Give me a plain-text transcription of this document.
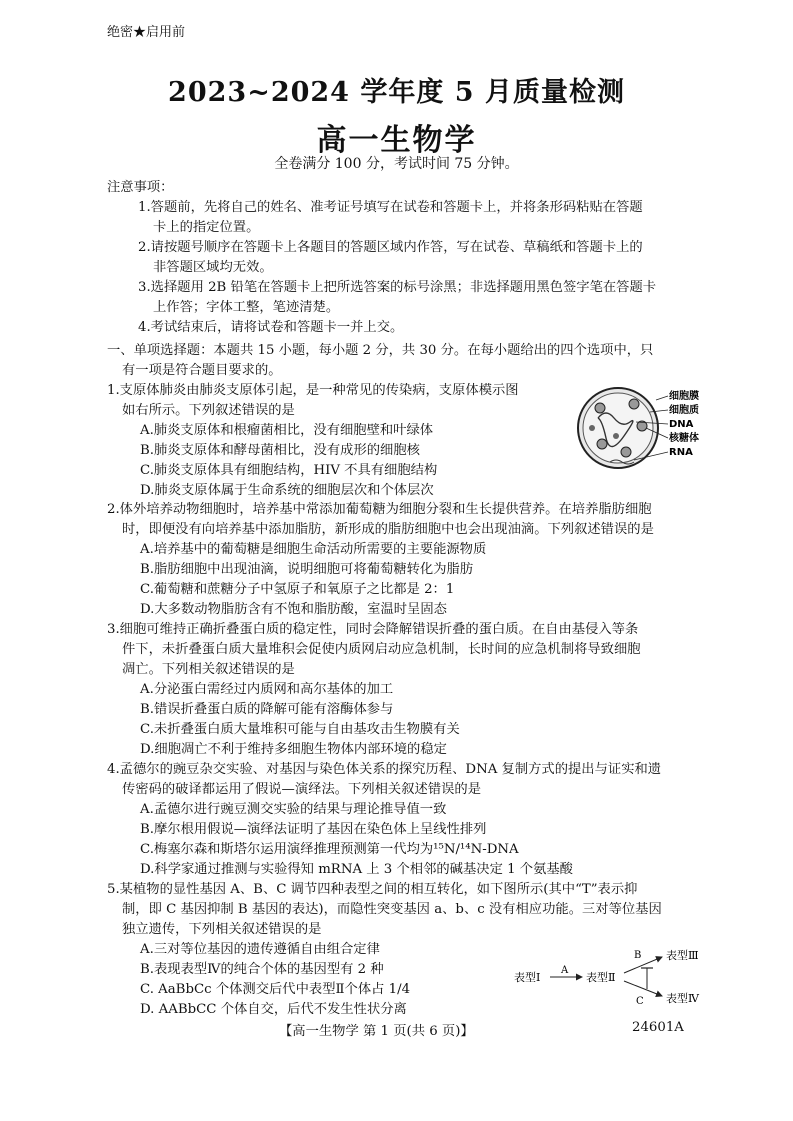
绝密★启用前
2023~2024 学年度 5 月质量检测
高一生物学
全卷满分 100 分，考试时间 75 分钟。
注意事项：
1.答题前，先将自己的姓名、准考证号填写在试卷和答题卡上，并将条形码粘贴在答题
卡上的指定位置。
2.请按题号顺序在答题卡上各题目的答题区域内作答，写在试卷、草稿纸和答题卡上的
非答题区域均无效。
3.选择题用 2B 铅笔在答题卡上把所选答案的标号涂黑；非选择题用黑色签字笔在答题卡
上作答；字体工整，笔迹清楚。
4.考试结束后，请将试卷和答题卡一并上交。
一、单项选择题：本题共 15 小题，每小题 2 分，共 30 分。在每小题给出的四个选项中，只
有一项是符合题目要求的。
1.支原体肺炎由肺炎支原体引起，是一种常见的传染病，支原体模示图
如右所示。下列叙述错误的是
A.肺炎支原体和根瘤菌相比，没有细胞壁和叶绿体
B.肺炎支原体和酵母菌相比，没有成形的细胞核
C.肺炎支原体具有细胞结构，HIV 不具有细胞结构
D.肺炎支原体属于生命系统的细胞层次和个体层次
细胞膜
细胞质
DNA
核糖体
RNA
2.体外培养动物细胞时，培养基中常添加葡萄糖为细胞分裂和生长提供营养。在培养脂肪细胞
时，即便没有向培养基中添加脂肪，新形成的脂肪细胞中也会出现油滴。下列叙述错误的是
A.培养基中的葡萄糖是细胞生命活动所需要的主要能源物质
B.脂肪细胞中出现油滴，说明细胞可将葡萄糖转化为脂肪
C.葡萄糖和蔗糖分子中氢原子和氧原子之比都是 2：1
D.大多数动物脂肪含有不饱和脂肪酸，室温时呈固态
3.细胞可维持正确折叠蛋白质的稳定性，同时会降解错误折叠的蛋白质。在自由基侵入等条
件下，未折叠蛋白质大量堆积会促使内质网启动应急机制，长时间的应急机制将导致细胞
凋亡。下列相关叙述错误的是
A.分泌蛋白需经过内质网和高尔基体的加工
B.错误折叠蛋白质的降解可能有溶酶体参与
C.未折叠蛋白质大量堆积可能与自由基攻击生物膜有关
D.细胞凋亡不利于维持多细胞生物体内部环境的稳定
4.孟德尔的豌豆杂交实验、对基因与染色体关系的探究历程、DNA 复制方式的提出与证实和遗
传密码的破译都运用了假说—演绎法。下列相关叙述错误的是
A.孟德尔进行豌豆测交实验的结果与理论推导值一致
B.摩尔根用假说—演绎法证明了基因在染色体上呈线性排列
C.梅塞尔森和斯塔尔运用演绎推理预测第一代均为¹⁵N/¹⁴N-DNA
D.科学家通过推测与实验得知 mRNA 上 3 个相邻的碱基决定 1 个氨基酸
5.某植物的显性基因 A、B、C 调节四种表型之间的相互转化，如下图所示(其中“T”表示抑
制，即 C 基因抑制 B 基因的表达)，而隐性突变基因 a、b、c 没有相应功能。三对等位基因
独立遗传，下列相关叙述错误的是
A.三对等位基因的遗传遵循自由组合定律
B.表现表型Ⅳ的纯合个体的基因型有 2 种
C. AaBbCc 个体测交后代中表型Ⅱ个体占 1/4
D. AABbCC 个体自交，后代不发生性状分离
表型Ⅰ
A
表型Ⅱ
B
C
表型Ⅲ
表型Ⅳ
【高一生物学 第 1 页(共 6 页)】	24601A
